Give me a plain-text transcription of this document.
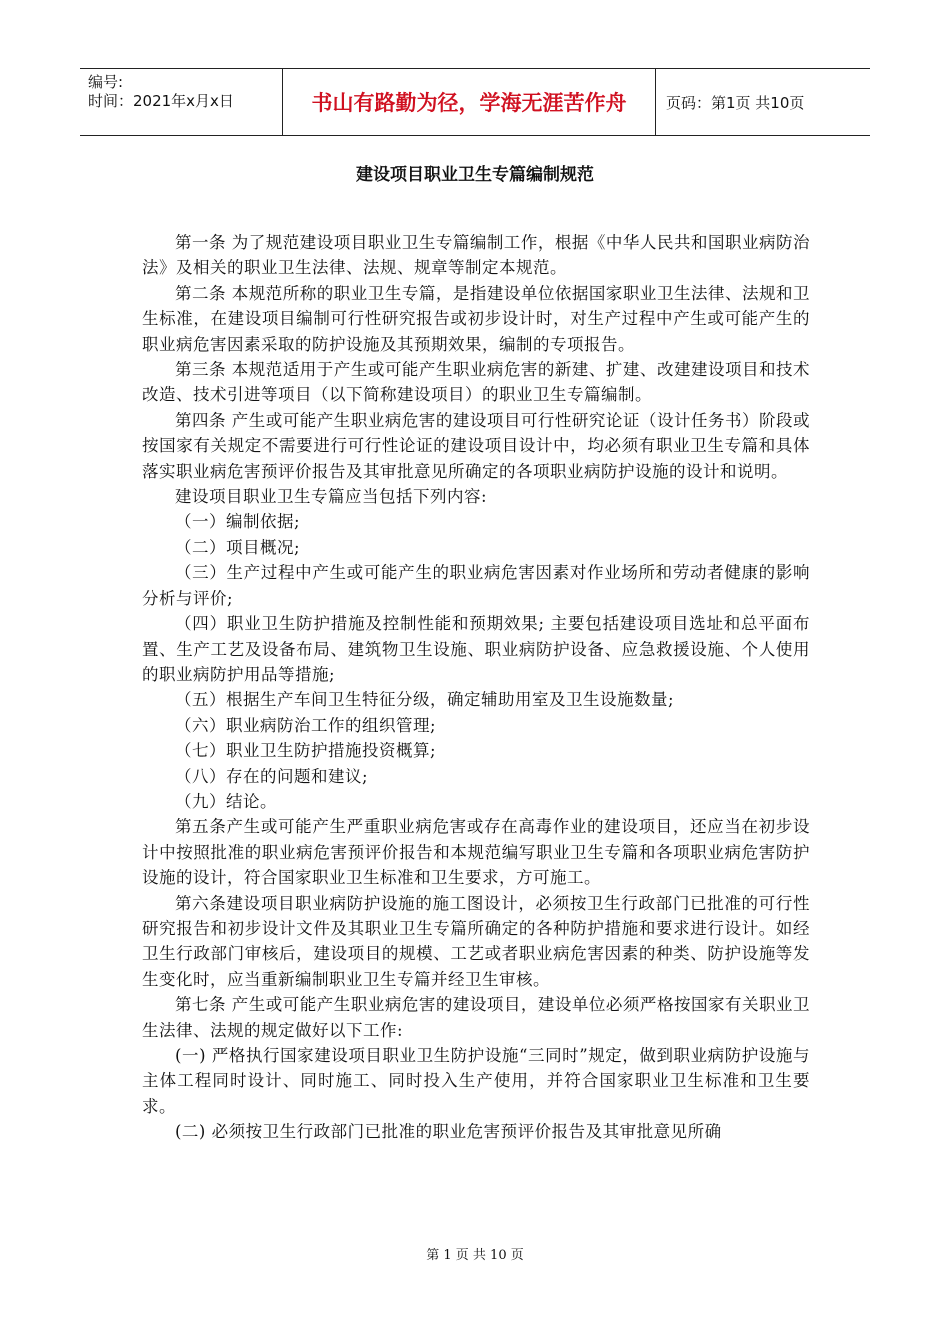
编号:
时间：2021年x月x日	书山有路勤为径，学海无涯苦作舟	页码：第1页 共10页
建设项目职业卫生专篇编制规范

第一条 为了规范建设项目职业卫生专篇编制工作，根据《中华人民共和国职业病防治法》及相关的职业卫生法律、法规、规章等制定本规范。

第二条 本规范所称的职业卫生专篇，是指建设单位依据国家职业卫生法律、法规和卫生标准，在建设项目编制可行性研究报告或初步设计时，对生产过程中产生或可能产生的职业病危害因素采取的防护设施及其预期效果，编制的专项报告。

第三条 本规范适用于产生或可能产生职业病危害的新建、扩建、改建建设项目和技术改造、技术引进等项目（以下简称建设项目）的职业卫生专篇编制。

第四条 产生或可能产生职业病危害的建设项目可行性研究论证（设计任务书）阶段或按国家有关规定不需要进行可行性论证的建设项目设计中，均必须有职业卫生专篇和具体落实职业病危害预评价报告及其审批意见所确定的各项职业病防护设施的设计和说明。

建设项目职业卫生专篇应当包括下列内容:

（一）编制依据;

（二）项目概况;

（三）生产过程中产生或可能产生的职业病危害因素对作业场所和劳动者健康的影响分析与评价;

（四）职业卫生防护措施及控制性能和预期效果; 主要包括建设项目选址和总平面布置、生产工艺及设备布局、建筑物卫生设施、职业病防护设备、应急救援设施、个人使用的职业病防护用品等措施;

（五）根据生产车间卫生特征分级，确定辅助用室及卫生设施数量;

（六）职业病防治工作的组织管理;

（七）职业卫生防护措施投资概算;

（八）存在的问题和建议;

（九）结论。

第五条产生或可能产生严重职业病危害或存在高毒作业的建设项目，还应当在初步设计中按照批准的职业病危害预评价报告和本规范编写职业卫生专篇和各项职业病危害防护设施的设计，符合国家职业卫生标准和卫生要求，方可施工。

第六条建设项目职业病防护设施的施工图设计，必须按卫生行政部门已批准的可行性研究报告和初步设计文件及其职业卫生专篇所确定的各种防护措施和要求进行设计。如经卫生行政部门审核后，建设项目的规模、工艺或者职业病危害因素的种类、防护设施等发生变化时，应当重新编制职业卫生专篇并经卫生审核。

第七条 产生或可能产生职业病危害的建设项目，建设单位必须严格按国家有关职业卫生法律、法规的规定做好以下工作:

(一) 严格执行国家建设项目职业卫生防护设施“三同时”规定，做到职业病防护设施与主体工程同时设计、同时施工、同时投入生产使用，并符合国家职业卫生标准和卫生要求。

(二) 必须按卫生行政部门已批准的职业危害预评价报告及其审批意见所确

第 1 页 共 10 页
